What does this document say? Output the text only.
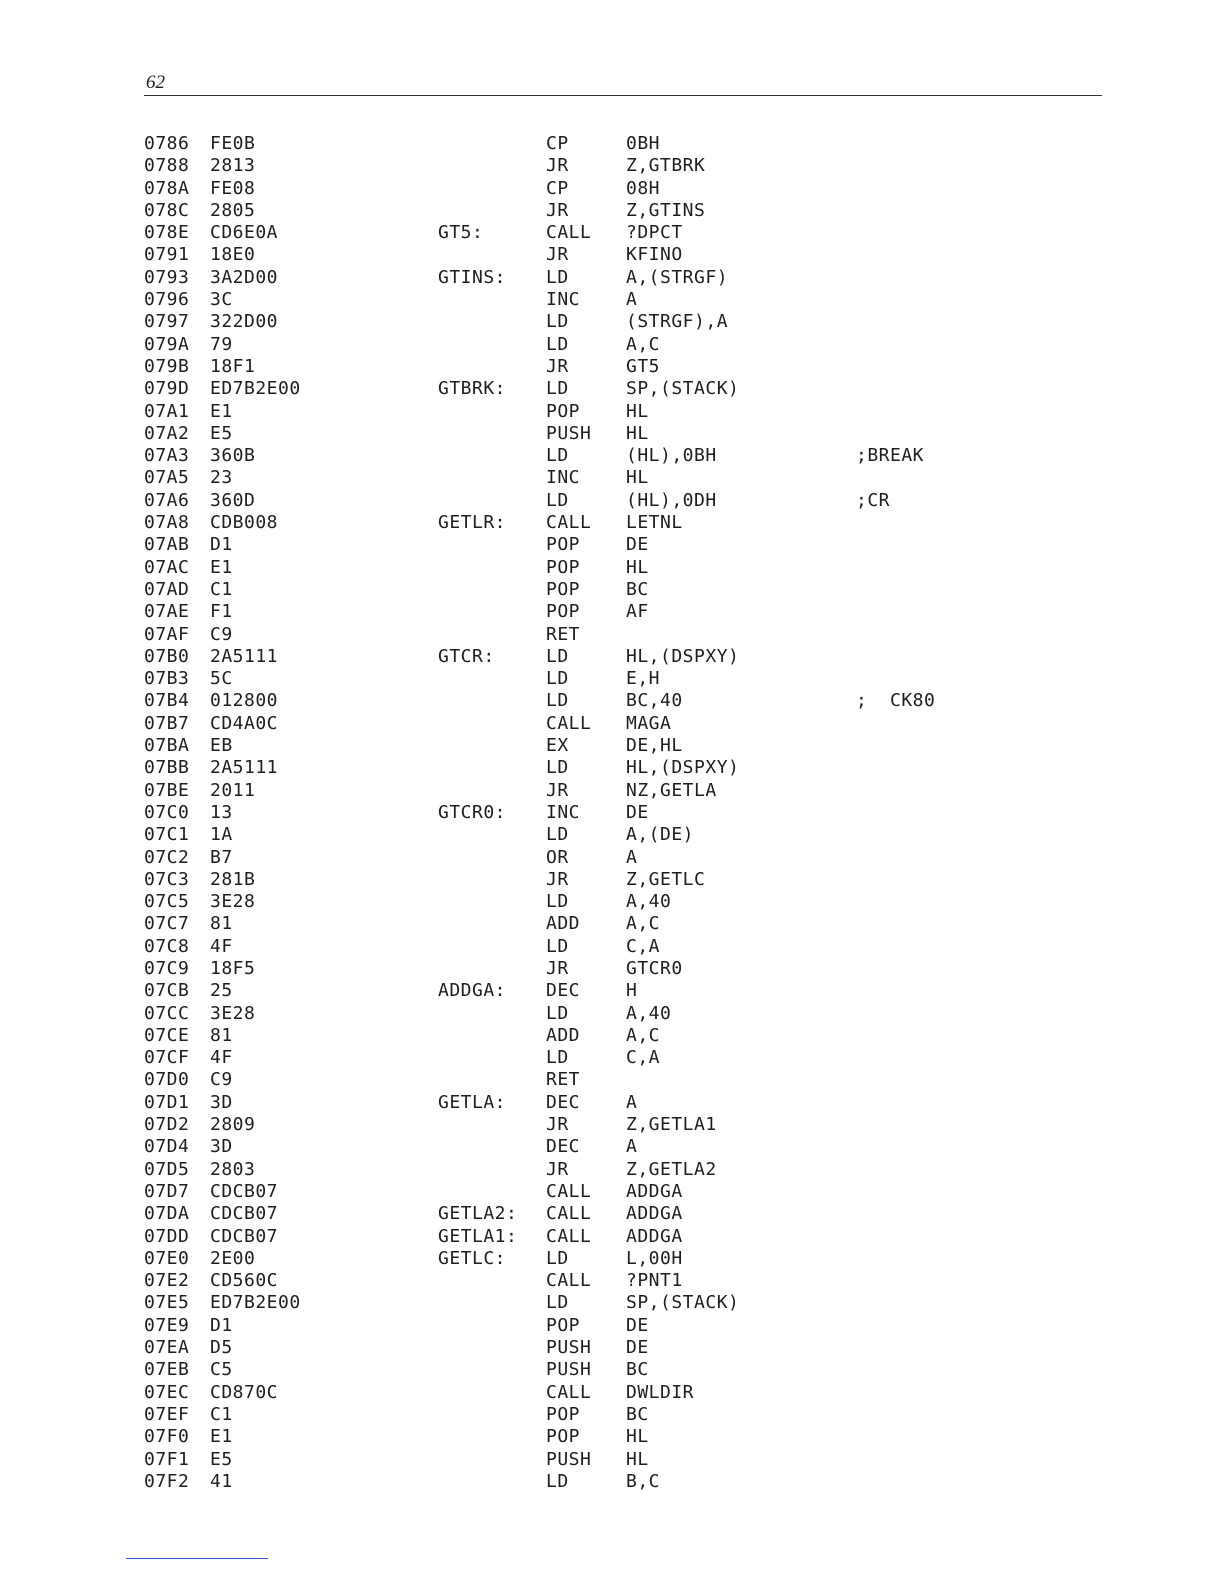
62
0786 FE0B	CP	0BH
0788 2813	JR	Z,GTBRK
078A FE08	CP	08H
078C 2805	JR	Z,GTINS
078E CD6E0A	GT5:	CALL ?DPCT
0791 18E0	JR	KFINO
0793 3A2D00	GTINS: LD	A,(STRGF)
0796 3C	INC	A
0797 322D00	LD	(STRGF),A
079A 79	LD	A,C
079B 18F1	JR	GT5
079D ED7B2E00	GTBRK: LD	SP,(STACK)
07A1 E1	POP	HL
07A2 E5	PUSH HL
07A3 360B	LD	(HL),0BH	;BREAK
07A5 23	INC	HL
07A6 360D	LD	(HL),0DH	;CR
07A8 CDB008	GETLR: CALL LETNL
07AB D1	POP	DE
07AC E1	POP	HL
07AD C1	POP	BC
07AE F1	POP	AF
07AF C9	RET
07B0 2A5111	GTCR:	LD	HL,(DSPXY)
07B3 5C	LD	E,H
07B4 012800	LD	BC,40	;  CK80
07B7 CD4A0C	CALL MAGA
07BA EB	EX	DE,HL
07BB 2A5111	LD	HL,(DSPXY)
07BE 2011	JR	NZ,GETLA
07C0 13	GTCR0: INC	DE
07C1 1A	LD	A,(DE)
07C2 B7	OR	A
07C3 281B	JR	Z,GETLC
07C5 3E28	LD	A,40
07C7 81	ADD	A,C
07C8 4F	LD	C,A
07C9 18F5	JR	GTCR0
07CB 25	ADDGA: DEC	H
07CC 3E28	LD	A,40
07CE 81	ADD	A,C
07CF 4F	LD	C,A
07D0 C9	RET
07D1 3D	GETLA: DEC	A
07D2 2809	JR	Z,GETLA1
07D4 3D	DEC	A
07D5 2803	JR	Z,GETLA2
07D7 CDCB07	CALL ADDGA
07DA CDCB07	GETLA2: CALL ADDGA
07DD CDCB07	GETLA1: CALL ADDGA
07E0 2E00	GETLC: LD	L,00H
07E2 CD560C	CALL ?PNT1
07E5 ED7B2E00	LD	SP,(STACK)
07E9 D1	POP	DE
07EA D5	PUSH DE
07EB C5	PUSH BC
07EC CD870C	CALL DWLDIR
07EF C1	POP	BC
07F0 E1	POP	HL
07F1 E5	PUSH HL
07F2 41	LD	B,C
